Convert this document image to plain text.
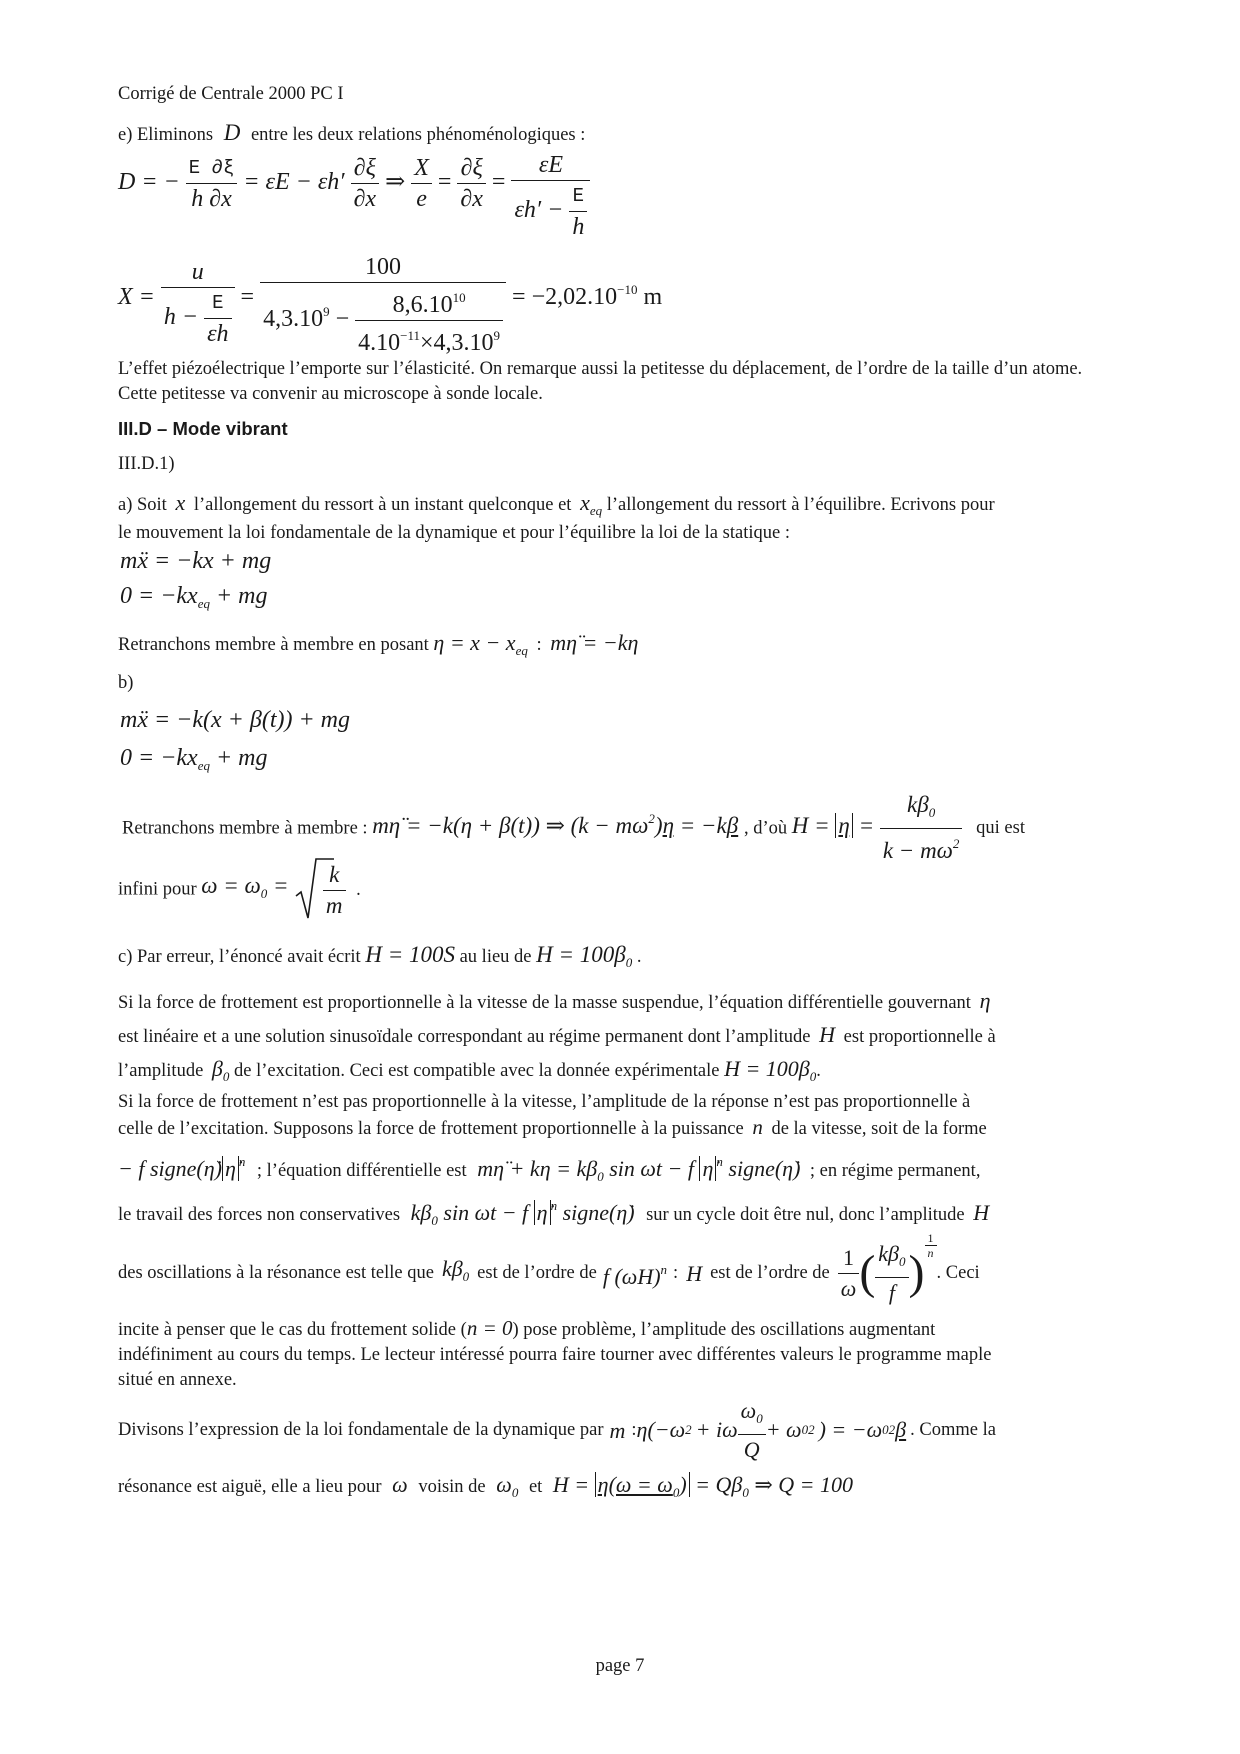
Corrigé de Centrale 2000 PC I
e) Eliminons D entre les deux relations phénoménologiques :
D = − $\frac{E \partial\xi}{h \partial x} = \varepsilon E - \varepsilon h' \frac{\partial\xi}{\partial x}$ ⇒ $\frac{X}{e} = \frac{\partial\xi}{\partial x} = \frac{\varepsilon E}{\varepsilon h' - \frac{E}{h}}$
$X = \frac{u}{h - \frac{E}{\varepsilon h}} = \frac{100}{4,3.10^9 - \frac{8,6.10^{10}}{4.10^{-11}\times 4,3.10^9}} = -2,02.10^{-10}$ m
L’effet piézoélectrique l’emporte sur l’élasticité. On remarque aussi la petitesse du déplacement, de l’ordre de la taille d’un atome. Cette petitesse va convenir au microscope à sonde locale.
III.D – Mode vibrant
III.D.1)
a) Soit x l’allongement du ressort à un instant quelconque et $x_{eq}$ l’allongement du ressort à l’équilibre. Ecrivons pour
le mouvement la loi fondamentale de la dynamique et pour l’équilibre la loi de la statique :
mẍ = −kx + mg
$0 = -kx_{eq}$ + mg
Retranchons membre à membre en posant $\eta = x - x_{eq}$ : mη̈ = −kη
b)
mẍ = −k(x + β(t)) + mg
$0 = -kx_{eq}$ + mg
Retranchons membre à membre : mη̈ = −k(η + β(t)) ⇒ $(k - m\omega^2)\eta = -k\beta$ , d’où $H = \eta = \frac{k\beta_0}{k - m\omega^2}$ qui est
infini pour $\omega = \omega_0 = \frac{k}{m}$ .
c) Par erreur, l’énoncé avait écrit H = 100S au lieu de $H = 100\beta_0$ .
Si la force de frottement est proportionnelle à la vitesse de la masse suspendue, l’équation différentielle gouvernant η
est linéaire et a une solution sinusoïdale correspondant au régime permanent dont l’amplitude H est proportionnelle à
l’amplitude $\beta_0$ de l’excitation. Ceci est compatible avec la donnée expérimentale $H = 100\beta_0$.
Si la force de frottement n’est pas proportionnelle à la vitesse, l’amplitude de la réponse n’est pas proportionnelle à
celle de l’excitation. Supposons la force de frottement proportionnelle à la puissance n de la vitesse, soit de la forme
− f signe(η̇) η̇ $^n$ ; l’équation différentielle est mη̈ + $k\eta = k\beta_0$ sin ωt − f η̇ $^n$ signe(η̇) ; en régime permanent,
le travail des forces non conservatives $k\beta_0$ sin ωt − f η̇ $^n$ signe(η̇) sur un cycle doit être nul, donc l’amplitude H
des oscillations à la résonance est telle que $k\beta_0$ est de l’ordre de f $(\omega H)^n$ : H est de l’ordre de $\frac{1}{\omega}$ ( $\frac{k\beta_0}{f}$ )
$\frac{1}{n}$
. Ceci
incite à penser que le cas du frottement solide (n = 0) pose problème, l’amplitude des oscillations augmentant
indéfiniment au cours du temps. Le lecteur intéressé pourra faire tourner avec différentes valeurs le programme maple
situé en annexe.
Divisons l’expression de la loi fondamentale de la dynamique par m : η(−ω 2 + iω $\frac{\omega_0}{Q} + \omega$ 0 2 ) = −ω 0 2 β . Comme la
résonance est aiguë, elle a lieu pour ω voisin de $\omega_0$ et $H = \eta(\omega = \omega_0) = Q\beta_0$ ⇒ Q = 100
page 7
